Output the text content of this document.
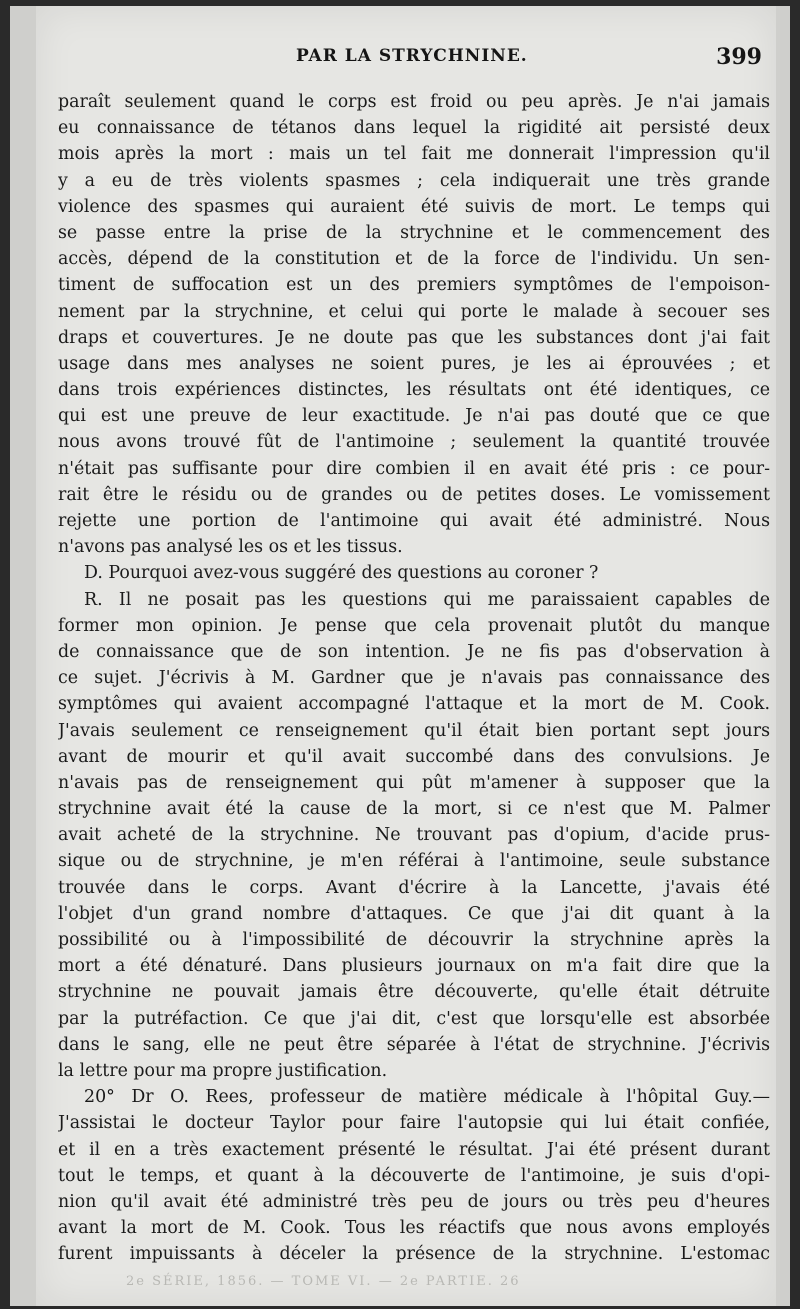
PAR LA STRYCHNINE.	399
paraît seulement quand le corps est froid ou peu après. Je n'ai jamais
eu connaissance de tétanos dans lequel la rigidité ait persisté deux
mois après la mort : mais un tel fait me donnerait l'impression qu'il
y a eu de très violents spasmes ; cela indiquerait une très grande
violence des spasmes qui auraient été suivis de mort. Le temps qui
se passe entre la prise de la strychnine et le commencement des
accès, dépend de la constitution et de la force de l'individu. Un sen-
timent de suffocation est un des premiers symptômes de l'empoison-
nement par la strychnine, et celui qui porte le malade à secouer ses
draps et couvertures. Je ne doute pas que les substances dont j'ai fait
usage dans mes analyses ne soient pures, je les ai éprouvées ; et
dans trois expériences distinctes, les résultats ont été identiques, ce
qui est une preuve de leur exactitude. Je n'ai pas douté que ce que
nous avons trouvé fût de l'antimoine ; seulement la quantité trouvée
n'était pas suffisante pour dire combien il en avait été pris : ce pour-
rait être le résidu ou de grandes ou de petites doses. Le vomissement
rejette une portion de l'antimoine qui avait été administré. Nous
n'avons pas analysé les os et les tissus.
D. Pourquoi avez-vous suggéré des questions au coroner ?
R. Il ne posait pas les questions qui me paraissaient capables de
former mon opinion. Je pense que cela provenait plutôt du manque
de connaissance que de son intention. Je ne fis pas d'observation à
ce sujet. J'écrivis à M. Gardner que je n'avais pas connaissance des
symptômes qui avaient accompagné l'attaque et la mort de M. Cook.
J'avais seulement ce renseignement qu'il était bien portant sept jours
avant de mourir et qu'il avait succombé dans des convulsions. Je
n'avais pas de renseignement qui pût m'amener à supposer que la
strychnine avait été la cause de la mort, si ce n'est que M. Palmer
avait acheté de la strychnine. Ne trouvant pas d'opium, d'acide prus-
sique ou de strychnine, je m'en référai à l'antimoine, seule substance
trouvée dans le corps. Avant d'écrire à la Lancette, j'avais été
l'objet d'un grand nombre d'attaques. Ce que j'ai dit quant à la
possibilité ou à l'impossibilité de découvrir la strychnine après la
mort a été dénaturé. Dans plusieurs journaux on m'a fait dire que la
strychnine ne pouvait jamais être découverte, qu'elle était détruite
par la putréfaction. Ce que j'ai dit, c'est que lorsqu'elle est absorbée
dans le sang, elle ne peut être séparée à l'état de strychnine. J'écrivis
la lettre pour ma propre justification.
20° Dr O. Rees, professeur de matière médicale à l'hôpital Guy.—
J'assistai le docteur Taylor pour faire l'autopsie qui lui était confiée,
et il en a très exactement présenté le résultat. J'ai été présent durant
tout le temps, et quant à la découverte de l'antimoine, je suis d'opi-
nion qu'il avait été administré très peu de jours ou très peu d'heures
avant la mort de M. Cook. Tous les réactifs que nous avons employés
furent impuissants à déceler la présence de la strychnine. L'estomac
2e SÉRIE, 1856. — TOME VI. — 2e PARTIE. 26
